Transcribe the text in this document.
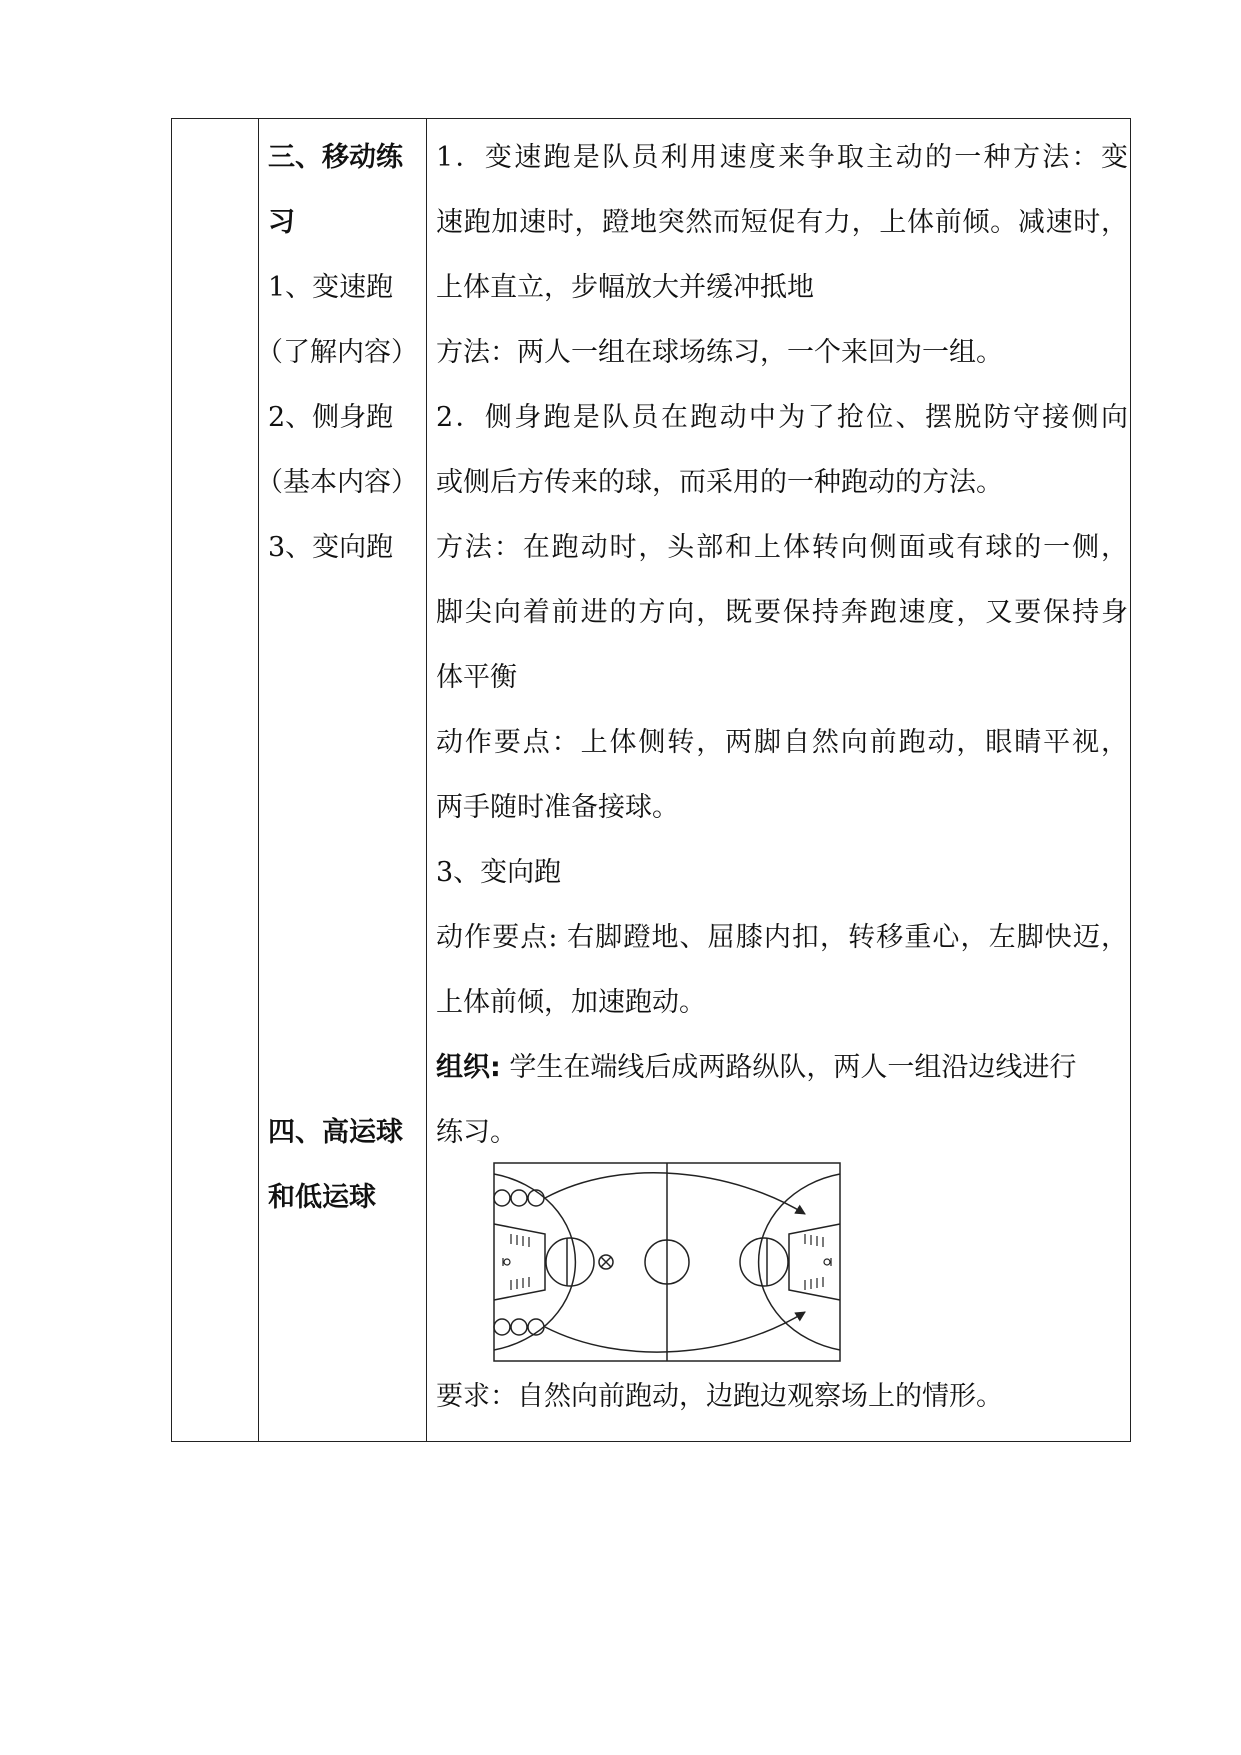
三、移动练
习
1、变速跑
（了解内容）
2、侧身跑
（基本内容）
3、变向跑
四、高运球
和低运球
1．变速跑是队员利用速度来争取主动的一种方法：变
速跑加速时，蹬地突然而短促有力，上体前倾。减速时，
上体直立，步幅放大并缓冲抵地
方法：两人一组在球场练习，一个来回为一组。
2．侧身跑是队员在跑动中为了抢位、摆脱防守接侧向
或侧后方传来的球，而采用的一种跑动的方法。
方法：在跑动时，头部和上体转向侧面或有球的一侧，
脚尖向着前进的方向，既要保持奔跑速度，又要保持身
体平衡
动作要点：上体侧转，两脚自然向前跑动，眼睛平视，
两手随时准备接球。
3、变向跑
动作要点: 右脚蹬地、屈膝内扣，转移重心，左脚快迈，
上体前倾，加速跑动。
组织: 学生在端线后成两路纵队，两人一组沿边线进行
练习。
要求：自然向前跑动，边跑边观察场上的情形。
